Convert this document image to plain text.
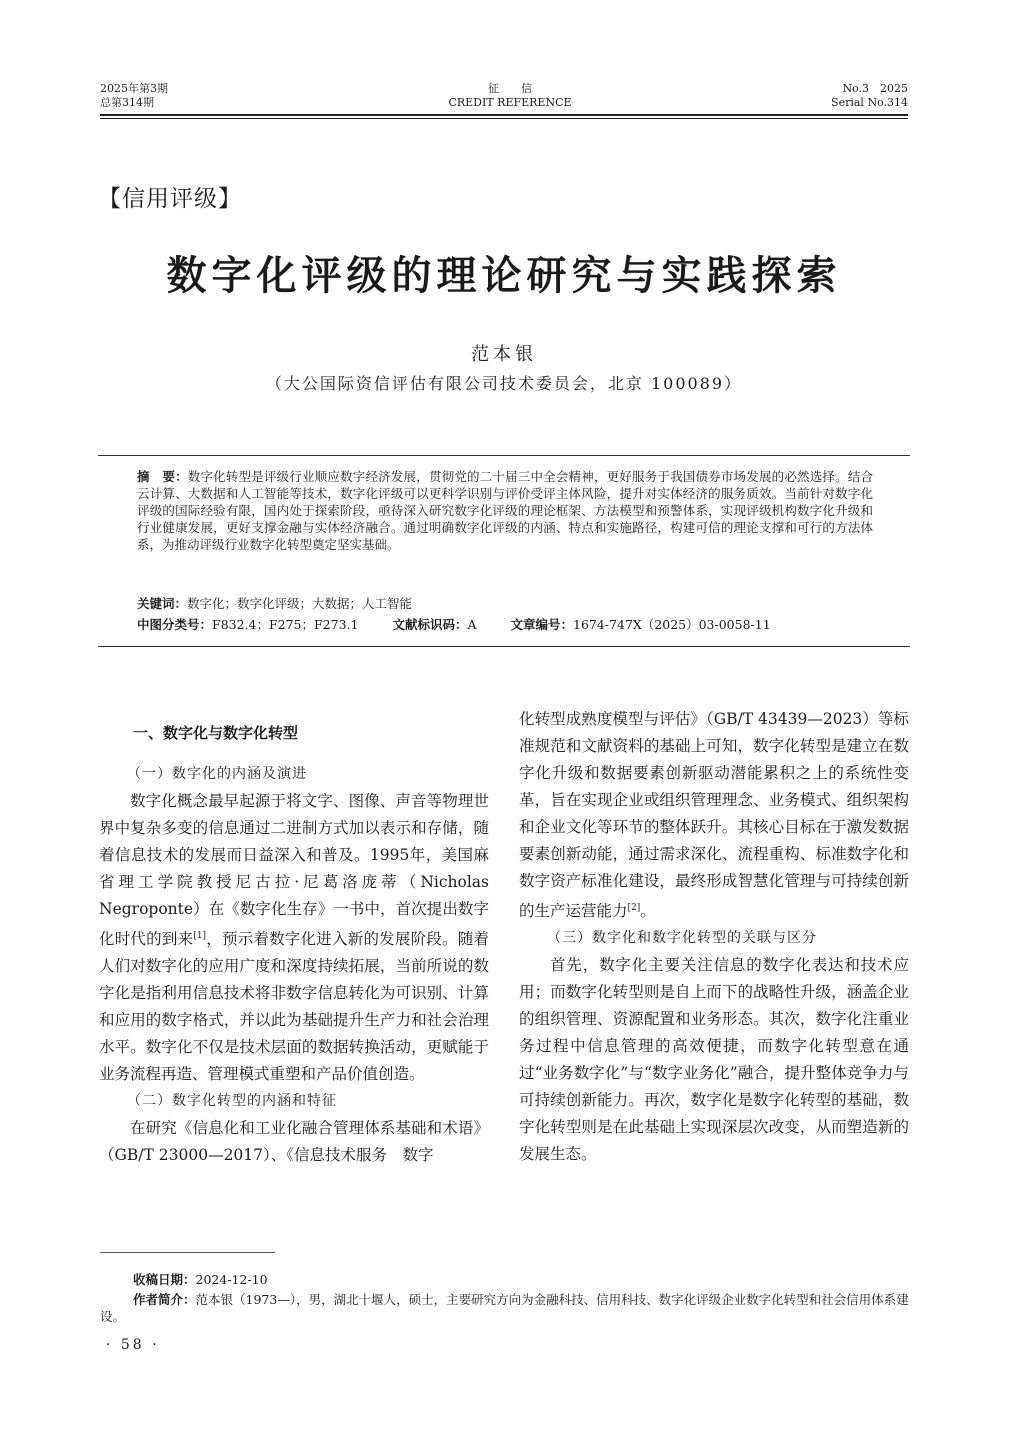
2025年第3期
总第314期
征　　信
CREDIT REFERENCE
No.3　2025
Serial No.314
【信用评级】
数字化评级的理论研究与实践探索
范本银
（大公国际资信评估有限公司技术委员会，北京 100089）
摘　要：数字化转型是评级行业顺应数字经济发展，贯彻党的二十届三中全会精神，更好服务于我国债券市场发展的必然选择。结合云计算、大数据和人工智能等技术，数字化评级可以更科学识别与评价受评主体风险，提升对实体经济的服务质效。当前针对数字化评级的国际经验有限，国内处于探索阶段，亟待深入研究数字化评级的理论框架、方法模型和预警体系，实现评级机构数字化升级和行业健康发展，更好支撑金融与实体经济融合。通过明确数字化评级的内涵、特点和实施路径，构建可信的理论支撑和可行的方法体系，为推动评级行业数字化转型奠定坚实基础。
关键词：数字化；数字化评级；大数据；人工智能
中图分类号：F832.4；F275；F273.1	文献标识码：A	文章编号：1674-747X（2025）03-0058-11
一、数字化与数字化转型

（一）数字化的内涵及演进

数字化概念最早起源于将文字、图像、声音等物理世界中复杂多变的信息通过二进制方式加以表示和存储，随着信息技术的发展而日益深入和普及。1995年，美国麻省理工学院教授尼古拉·尼葛洛庞蒂（Nicholas Negroponte）在《数字化生存》一书中，首次提出数字化时代的到来[1]，预示着数字化进入新的发展阶段。随着人们对数字化的应用广度和深度持续拓展，当前所说的数字化是指利用信息技术将非数字信息转化为可识别、计算和应用的数字格式，并以此为基础提升生产力和社会治理水平。数字化不仅是技术层面的数据转换活动，更赋能于业务流程再造、管理模式重塑和产品价值创造。

（二）数字化转型的内涵和特征

在研究《信息化和工业化融合管理体系基础和术语》（GB/T 23000—2017）、《信息技术服务　数字

化转型成熟度模型与评估》（GB/T 43439—2023）等标准规范和文献资料的基础上可知，数字化转型是建立在数字化升级和数据要素创新驱动潜能累积之上的系统性变革，旨在实现企业或组织管理理念、业务模式、组织架构和企业文化等环节的整体跃升。其核心目标在于激发数据要素创新动能，通过需求深化、流程重构、标准数字化和数字资产标准化建设，最终形成智慧化管理与可持续创新的生产运营能力[2]。

（三）数字化和数字化转型的关联与区分

首先，数字化主要关注信息的数字化表达和技术应用；而数字化转型则是自上而下的战略性升级，涵盖企业的组织管理、资源配置和业务形态。其次，数字化注重业务过程中信息管理的高效便捷，而数字化转型意在通过“业务数字化”与“数字业务化”融合，提升整体竞争力与可持续创新能力。再次，数字化是数字化转型的基础，数字化转型则是在此基础上实现深层次改变，从而塑造新的发展生态。

收稿日期：2024-12-10
作者简介：范本银（1973—），男，湖北十堰人，硕士，主要研究方向为金融科技、信用科技、数字化评级企业数字化转型和社会信用体系建设。
· 58 ·
